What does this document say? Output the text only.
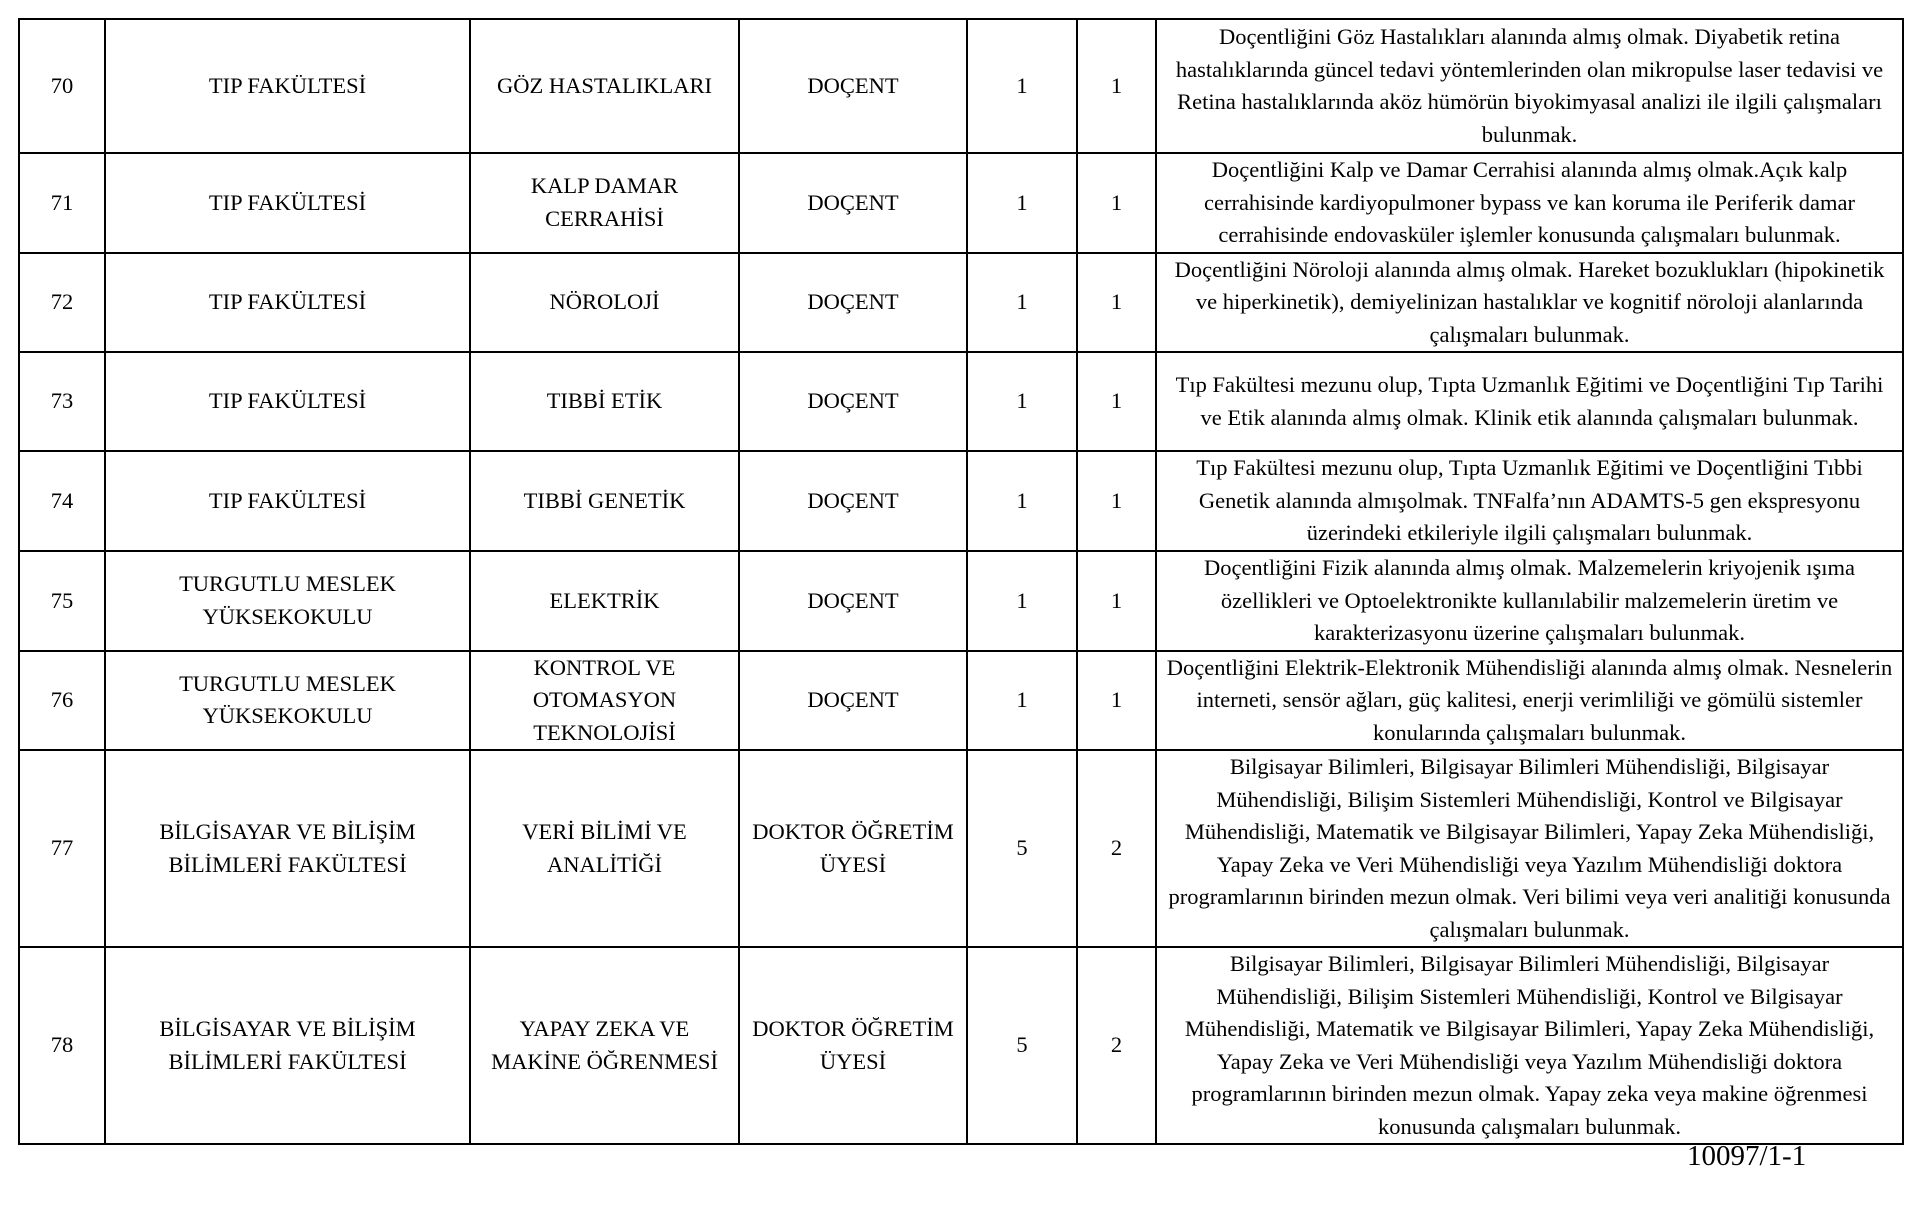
70	TIP FAKÜLTESİ	GÖZ HASTALIKLARI	DOÇENT	1	1	Doçentliğini Göz Hastalıkları alanında almış olmak. Diyabetik retina hastalıklarında güncel tedavi yöntemlerinden olan mikropulse laser tedavisi ve Retina hastalıklarında aköz hümörün biyokimyasal analizi ile ilgili çalışmaları bulunmak.
71	TIP FAKÜLTESİ	KALP DAMAR CERRAHİSİ	DOÇENT	1	1	Doçentliğini Kalp ve Damar Cerrahisi alanında almış olmak.Açık kalp cerrahisinde kardiyopulmoner bypass ve kan koruma ile Periferik damar cerrahisinde endovasküler işlemler konusunda çalışmaları bulunmak.
72	TIP FAKÜLTESİ	NÖROLOJİ	DOÇENT	1	1	Doçentliğini Nöroloji alanında almış olmak. Hareket bozuklukları (hipokinetik ve hiperkinetik), demiyelinizan hastalıklar ve kognitif nöroloji alanlarında çalışmaları bulunmak.
73	TIP FAKÜLTESİ	TIBBİ ETİK	DOÇENT	1	1	Tıp Fakültesi mezunu olup, Tıpta Uzmanlık Eğitimi ve Doçentliğini Tıp Tarihi ve Etik alanında almış olmak. Klinik etik alanında çalışmaları bulunmak.
74	TIP FAKÜLTESİ	TIBBİ GENETİK	DOÇENT	1	1	Tıp Fakültesi mezunu olup, Tıpta Uzmanlık Eğitimi ve Doçentliğini Tıbbi Genetik alanında almışolmak. TNFalfa’nın ADAMTS-5 gen ekspresyonu üzerindeki etkileriyle ilgili çalışmaları bulunmak.
75	TURGUTLU MESLEK YÜKSEKOKULU	ELEKTRİK	DOÇENT	1	1	Doçentliğini Fizik alanında almış olmak. Malzemelerin kriyojenik ışıma özellikleri ve Optoelektronikte kullanılabilir malzemelerin üretim ve karakterizasyonu üzerine çalışmaları bulunmak.
76	TURGUTLU MESLEK YÜKSEKOKULU	KONTROL VE OTOMASYON TEKNOLOJİSİ	DOÇENT	1	1	Doçentliğini Elektrik-Elektronik Mühendisliği alanında almış olmak. Nesnelerin interneti, sensör ağları, güç kalitesi, enerji verimliliği ve gömülü sistemler konularında çalışmaları bulunmak.
77	BİLGİSAYAR VE BİLİŞİM BİLİMLERİ FAKÜLTESİ	VERİ BİLİMİ VE ANALİTİĞİ	DOKTOR ÖĞRETİM ÜYESİ	5	2	Bilgisayar Bilimleri, Bilgisayar Bilimleri Mühendisliği, Bilgisayar Mühendisliği, Bilişim Sistemleri Mühendisliği, Kontrol ve Bilgisayar Mühendisliği, Matematik ve Bilgisayar Bilimleri, Yapay Zeka Mühendisliği, Yapay Zeka ve Veri Mühendisliği veya Yazılım Mühendisliği doktora programlarının birinden mezun olmak. Veri bilimi veya veri analitiği konusunda çalışmaları bulunmak.
78	BİLGİSAYAR VE BİLİŞİM BİLİMLERİ FAKÜLTESİ	YAPAY ZEKA VE MAKİNE ÖĞRENMESİ	DOKTOR ÖĞRETİM ÜYESİ	5	2	Bilgisayar Bilimleri, Bilgisayar Bilimleri Mühendisliği, Bilgisayar Mühendisliği, Bilişim Sistemleri Mühendisliği, Kontrol ve Bilgisayar Mühendisliği, Matematik ve Bilgisayar Bilimleri, Yapay Zeka Mühendisliği, Yapay Zeka ve Veri Mühendisliği veya Yazılım Mühendisliği doktora programlarının birinden mezun olmak. Yapay zeka veya makine öğrenmesi konusunda çalışmaları bulunmak.
10097/1-1
